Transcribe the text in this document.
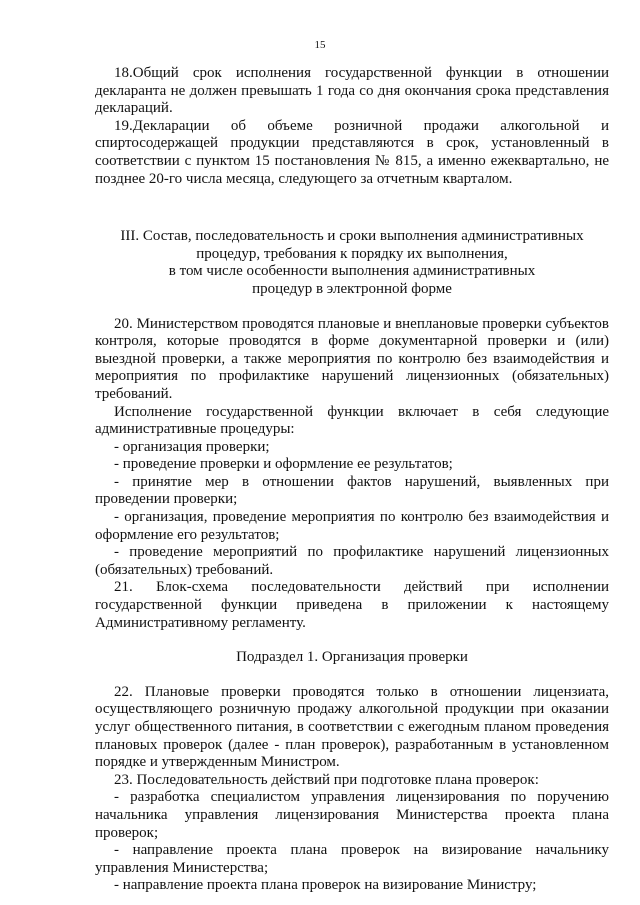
15

18.Общий срок исполнения государственной функции в отношении декларанта не должен превышать 1 года со дня окончания срока представления деклараций.

19.Декларации об объеме розничной продажи алкогольной и спиртосодержащей продукции представляются в срок, установленный в соответствии с пунктом 15 постановления № 815, а именно ежеквартально, не позднее 20-го числа месяца, следующего за отчетным кварталом.

III. Состав, последовательность и сроки выполнения административных

процедур, требования к порядку их выполнения,

в том числе особенности выполнения административных

процедур в электронной форме

20. Министерством проводятся плановые и внеплановые проверки субъектов контроля, которые проводятся в форме документарной проверки и (или) выездной проверки, а также мероприятия по контролю без взаимодействия и мероприятия по профилактике нарушений лицензионных (обязательных) требований.

Исполнение государственной функции включает в себя следующие административные процедуры:

- организация проверки;

- проведение проверки и оформление ее результатов;

- принятие мер в отношении фактов нарушений, выявленных при проведении проверки;

- организация, проведение мероприятия по контролю без взаимодействия и оформление его результатов;

- проведение мероприятий по профилактике нарушений лицензионных (обязательных) требований.

21. Блок-схема последовательности действий при исполнении государственной функции приведена в приложении к настоящему Административному регламенту.

Подраздел 1. Организация проверки

22. Плановые проверки проводятся только в отношении лицензиата, осуществляющего розничную продажу алкогольной продукции при оказании услуг общественного питания, в соответствии с ежегодным планом проведения плановых проверок (далее - план проверок), разработанным в установленном порядке и утвержденным Министром.

23. Последовательность действий при подготовке плана проверок:

- разработка специалистом управления лицензирования по поручению начальника управления лицензирования Министерства проекта плана проверок;

- направление проекта плана проверок на визирование начальнику управления Министерства;

- направление проекта плана проверок на визирование Министру;
